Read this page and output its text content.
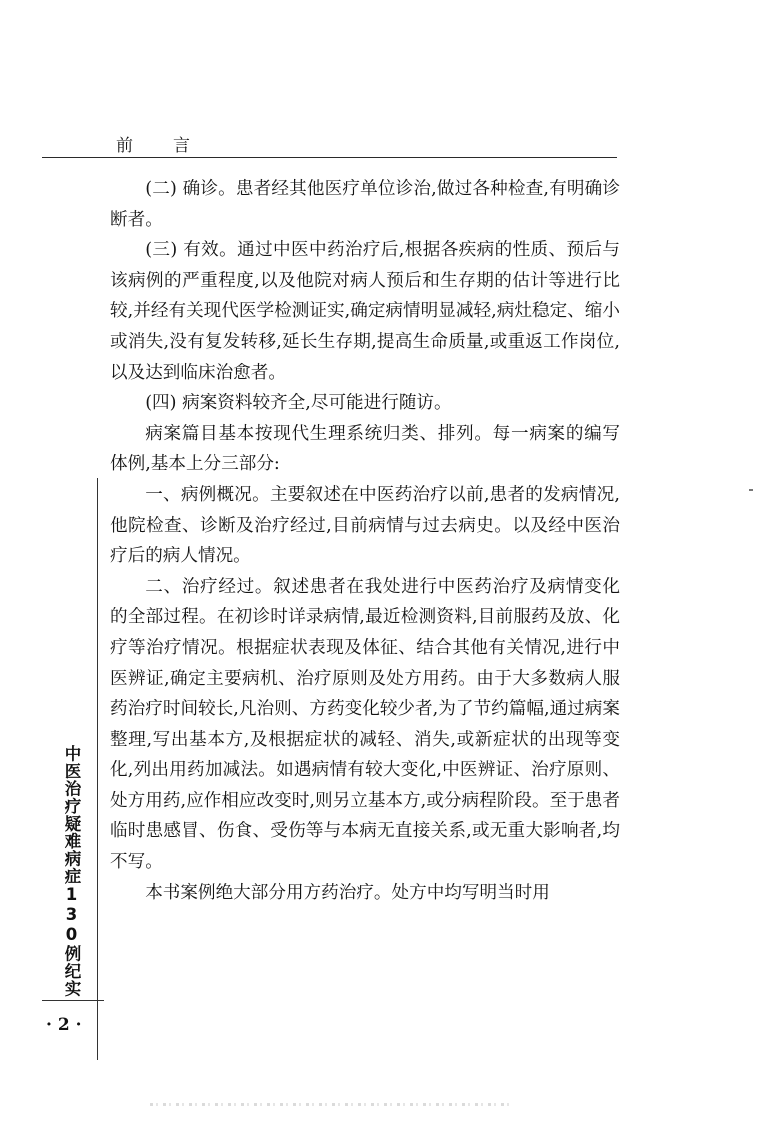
前　　言

(二) 确诊。患者经其他医疗单位诊治,做过各种检查,有明确诊断者。

(三) 有效。通过中医中药治疗后,根据各疾病的性质、预后与该病例的严重程度,以及他院对病人预后和生存期的估计等进行比较,并经有关现代医学检测证实,确定病情明显减轻,病灶稳定、缩小或消失,没有复发转移,延长生存期,提高生命质量,或重返工作岗位,以及达到临床治愈者。

(四) 病案资料较齐全,尽可能进行随访。

病案篇目基本按现代生理系统归类、排列。每一病案的编写体例,基本上分三部分:

一、病例概况。主要叙述在中医药治疗以前,患者的发病情况,他院检查、诊断及治疗经过,目前病情与过去病史。以及经中医治疗后的病人情况。

二、治疗经过。叙述患者在我处进行中医药治疗及病情变化的全部过程。在初诊时详录病情,最近检测资料,目前服药及放、化疗等治疗情况。根据症状表现及体征、结合其他有关情况,进行中医辨证,确定主要病机、治疗原则及处方用药。由于大多数病人服药治疗时间较长,凡治则、方药变化较少者,为了节约篇幅,通过病案整理,写出基本方,及根据症状的减轻、消失,或新症状的出现等变化,列出用药加减法。如遇病情有较大变化,中医辨证、治疗原则、处方用药,应作相应改变时,则另立基本方,或分病程阶段。至于患者临时患感冒、伤食、受伤等与本病无直接关系,或无重大影响者,均不写。

本书案例绝大部分用方药治疗。处方中均写明当时用

中医治疗疑难病症130例纪实
· 2 ·
